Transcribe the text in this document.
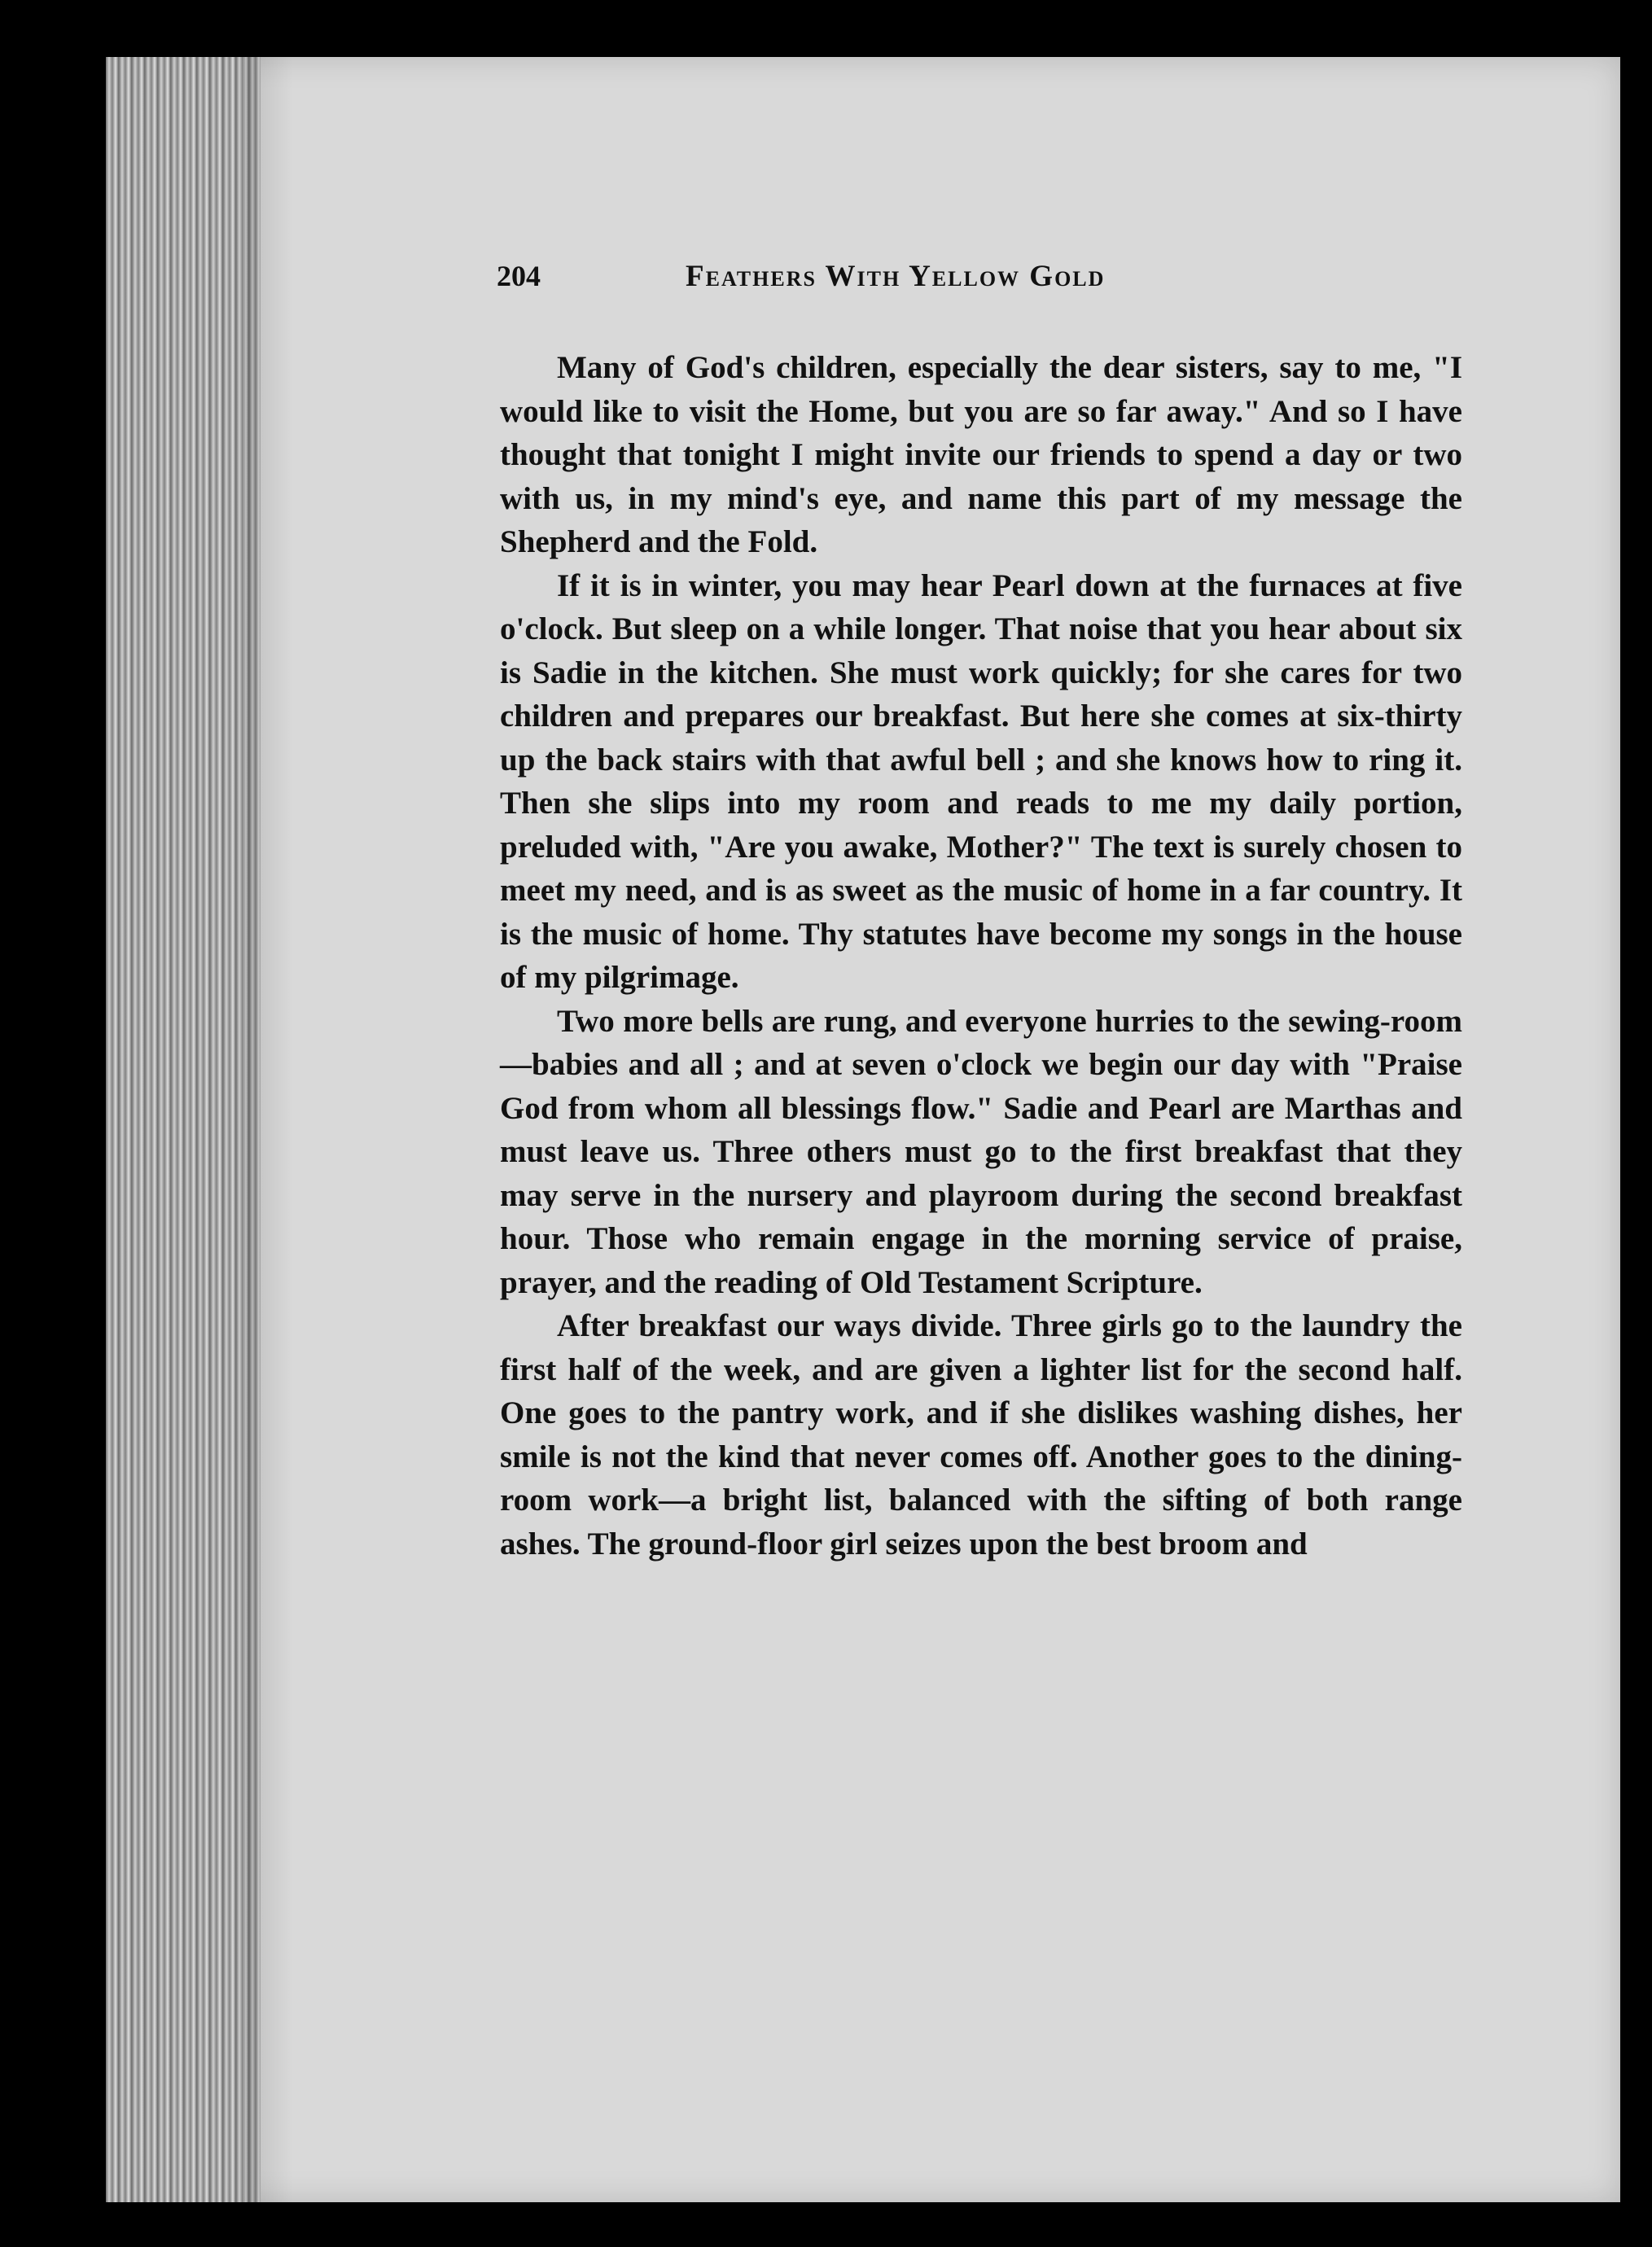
204	Feathers With Yellow Gold

Many of God's children, especially the dear sisters, say to me, "I would like to visit the Home, but you are so far away." And so I have thought that tonight I might invite our friends to spend a day or two with us, in my mind's eye, and name this part of my message the Shepherd and the Fold.

If it is in winter, you may hear Pearl down at the furnaces at five o'clock. But sleep on a while longer. That noise that you hear about six is Sadie in the kitchen. She must work quickly; for she cares for two children and prepares our breakfast. But here she comes at six-thirty up the back stairs with that awful bell ; and she knows how to ring it. Then she slips into my room and reads to me my daily portion, preluded with, "Are you awake, Mother?" The text is surely chosen to meet my need, and is as sweet as the music of home in a far country. It is the music of home. Thy statutes have become my songs in the house of my pilgrimage.

Two more bells are rung, and everyone hurries to the sewing-room—babies and all ; and at seven o'clock we begin our day with "Praise God from whom all blessings flow." Sadie and Pearl are Marthas and must leave us. Three others must go to the first breakfast that they may serve in the nursery and playroom during the second breakfast hour. Those who remain engage in the morning service of praise, prayer, and the reading of Old Testament Scripture.

After breakfast our ways divide. Three girls go to the laundry the first half of the week, and are given a lighter list for the second half. One goes to the pantry work, and if she dislikes washing dishes, her smile is not the kind that never comes off. Another goes to the dining-room work—a bright list, balanced with the sifting of both range ashes. The ground-floor girl seizes upon the best broom and
